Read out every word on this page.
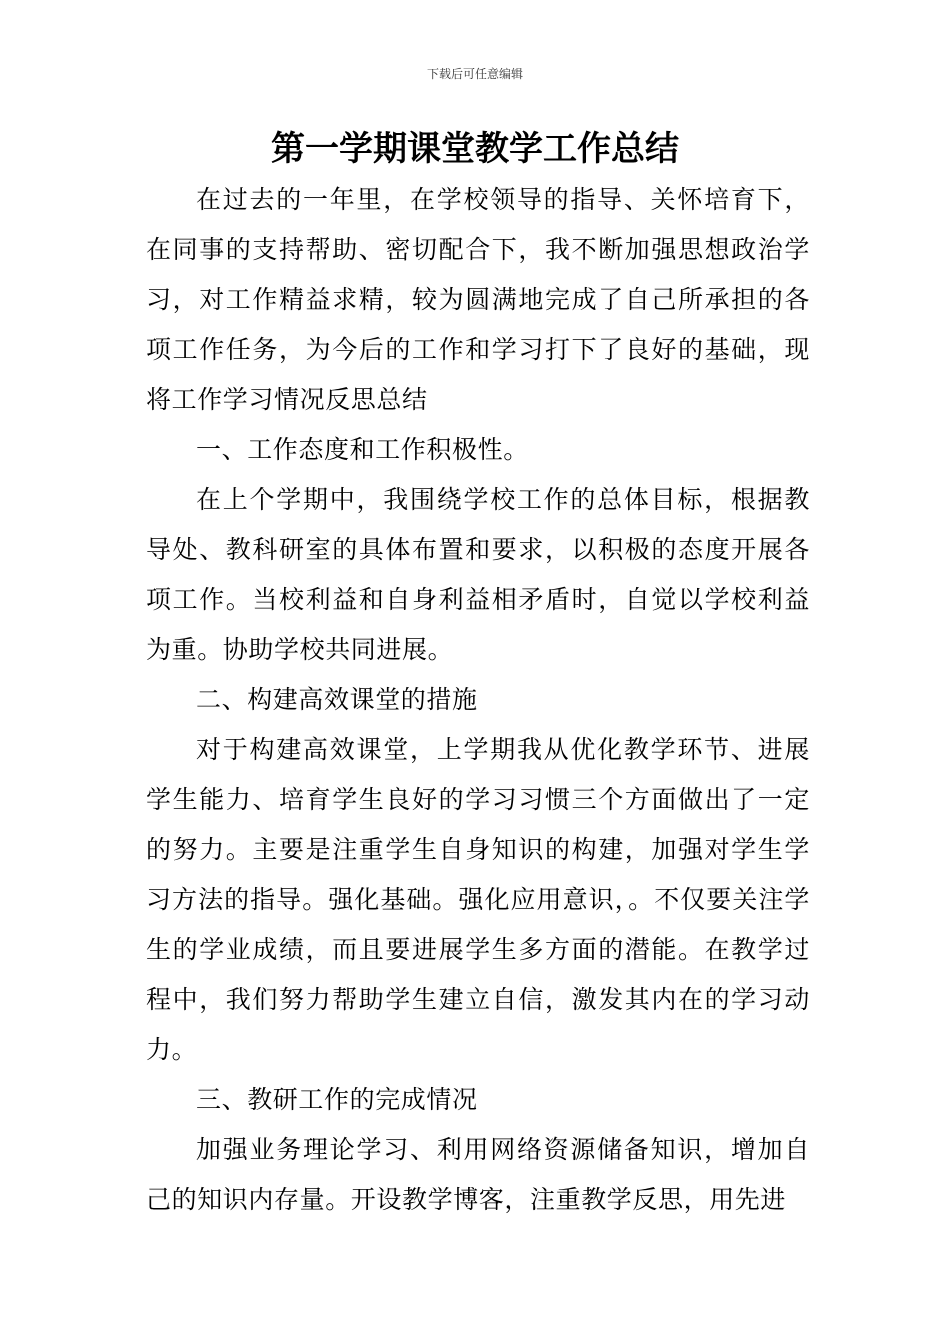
下载后可任意编辑
第一学期课堂教学工作总结

在过去的一年里，在学校领导的指导、关怀培育下，在同事的支持帮助、密切配合下，我不断加强思想政治学习，对工作精益求精，较为圆满地完成了自己所承担的各项工作任务，为今后的工作和学习打下了良好的基础，现将工作学习情况反思总结

一、工作态度和工作积极性。

在上个学期中，我围绕学校工作的总体目标，根据教导处、教科研室的具体布置和要求，以积极的态度开展各项工作。当校利益和自身利益相矛盾时，自觉以学校利益为重。协助学校共同进展。

二、构建高效课堂的措施

对于构建高效课堂，上学期我从优化教学环节、进展学生能力、培育学生良好的学习习惯三个方面做出了一定的努力。主要是注重学生自身知识的构建，加强对学生学习方法的指导。强化基础。强化应用意识，。不仅要关注学生的学业成绩，而且要进展学生多方面的潜能。在教学过程中，我们努力帮助学生建立自信，激发其内在的学习动力。

三、教研工作的完成情况

加强业务理论学习、利用网络资源储备知识，增加自己的知识内存量。开设教学博客，注重教学反思，用先进
